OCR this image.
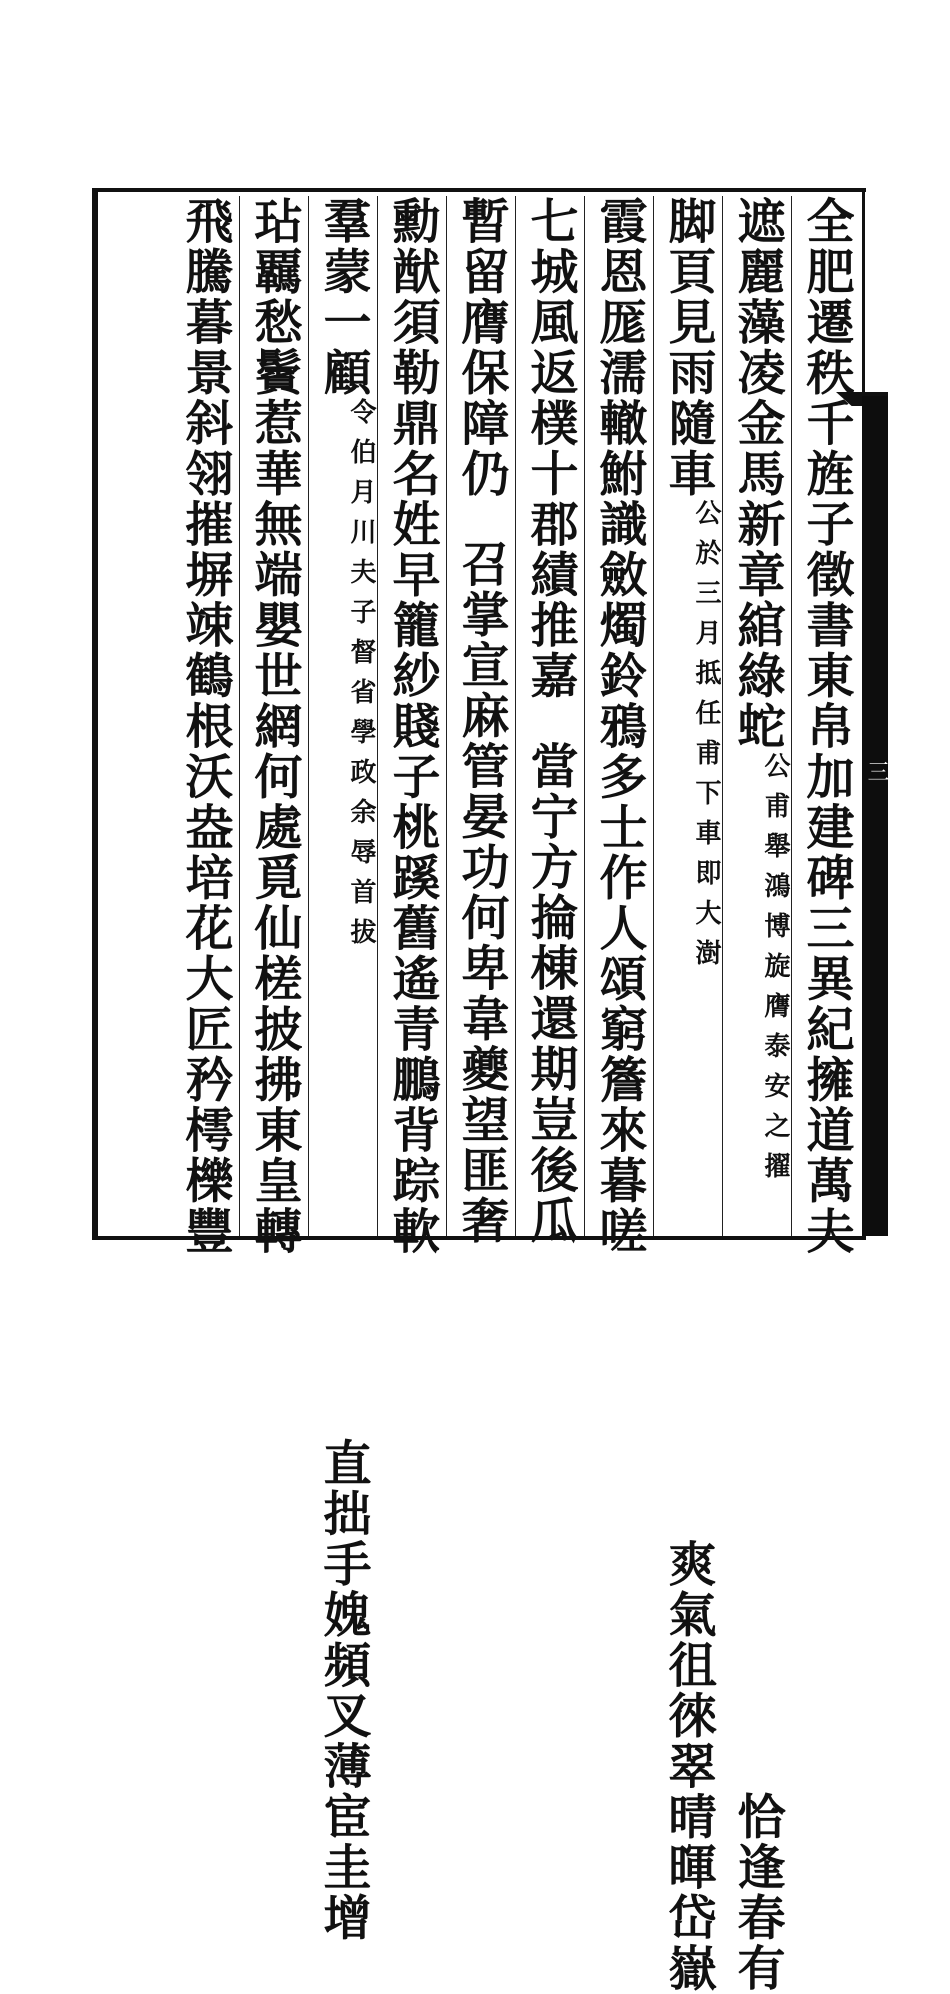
三
全肥遷秩千旌子徵書東帛加建碑三異紀擁道萬夫
遮麗藻凌金馬新章綰綠蛇公甫舉鴻博旋膺泰安之擢恰逢春有
脚頁見雨隨車公於三月抵任甫下車即大澍爽氣徂徠翠晴暉岱嶽
霞恩厖濡轍鮒識斂燭鈴鴉多士作人頌窮簷來暮嗟
七城風返樸十郡績推嘉當宁方掄棟還期豈後瓜
暫留膺保障仍召掌宣麻管晏功何卑韋夔望匪奢
勳猷須勒鼎名姓早籠紗賤子桃蹊舊遙青鵬背踪軟
羣蒙一顧令伯月川夫子督省學政余辱首拔直拙手媿頻叉薄宦圭增
玷覊愁鬢惹華無端嬰世網何處覓仙槎披拂東皇轉
飛騰暮景斜翎摧塀竦鶴根沃盎培花大匠矜樗櫟豐
